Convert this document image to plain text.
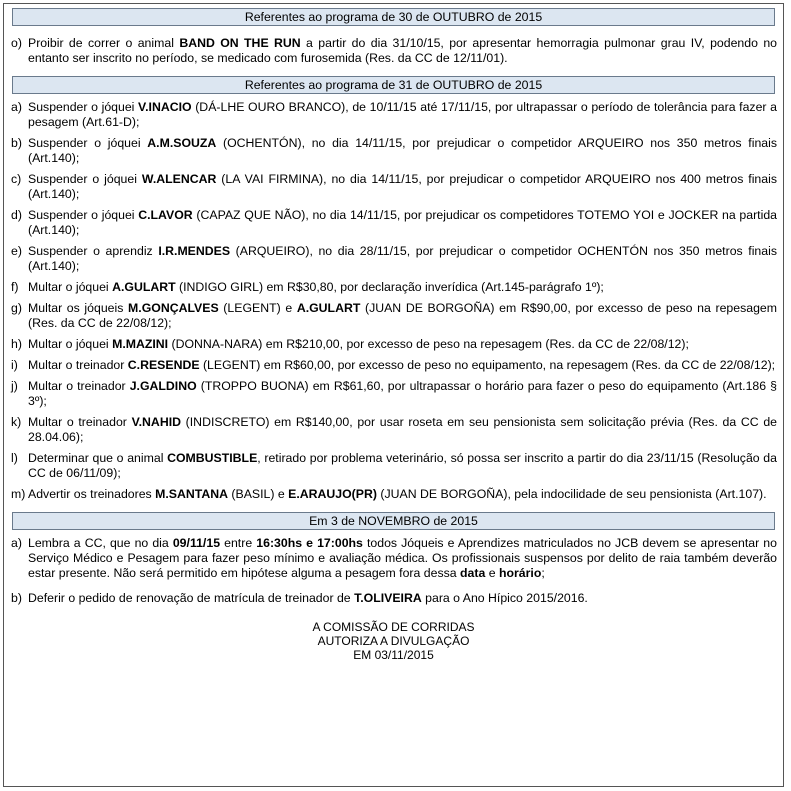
Referentes ao programa de 30 de OUTUBRO de 2015
o) Proibir de correr o animal BAND ON THE RUN a partir do dia 31/10/15, por apresentar hemorragia pulmonar grau IV, podendo no entanto ser inscrito no período, se medicado com furosemida (Res. da CC de 12/11/01).
Referentes ao programa de 31 de OUTUBRO de 2015
a) Suspender o jóquei V.INACIO (DÁ-LHE OURO BRANCO), de 10/11/15 até 17/11/15, por ultrapassar o período de tolerância para fazer a pesagem (Art.61-D);
b) Suspender o jóquei A.M.SOUZA (OCHENTÓN), no dia 14/11/15, por prejudicar o competidor ARQUEIRO nos 350 metros finais (Art.140);
c) Suspender o jóquei W.ALENCAR (LA VAI FIRMINA), no dia 14/11/15, por prejudicar o competidor ARQUEIRO nos 400 metros finais (Art.140);
d) Suspender o jóquei C.LAVOR (CAPAZ QUE NÃO), no dia 14/11/15, por prejudicar os competidores TOTEMO YOI e JOCKER na partida (Art.140);
e) Suspender o aprendiz I.R.MENDES (ARQUEIRO), no dia 28/11/15, por prejudicar o competidor OCHENTÓN nos 350 metros finais (Art.140);
f) Multar o jóquei A.GULART (INDIGO GIRL) em R$30,80, por declaração inverídica (Art.145-parágrafo 1º);
g) Multar os jóqueis M.GONÇALVES (LEGENT) e A.GULART (JUAN DE BORGOÑA) em R$90,00, por excesso de peso na repesagem (Res. da CC de 22/08/12);
h) Multar o jóquei M.MAZINI (DONNA-NARA) em R$210,00, por excesso de peso na repesagem (Res. da CC de 22/08/12);
i) Multar o treinador C.RESENDE (LEGENT) em R$60,00, por excesso de peso no equipamento, na repesagem (Res. da CC de 22/08/12);
j) Multar o treinador J.GALDINO (TROPPO BUONA) em R$61,60, por ultrapassar o horário para fazer o peso do equipamento (Art.186 § 3º);
k) Multar o treinador V.NAHID (INDISCRETO) em R$140,00, por usar roseta em seu pensionista sem solicitação prévia (Res. da CC de 28.04.06);
l) Determinar que o animal COMBUSTIBLE, retirado por problema veterinário, só possa ser inscrito a partir do dia 23/11/15 (Resolução da CC de 06/11/09);
m) Advertir os treinadores M.SANTANA (BASIL) e E.ARAUJO(PR) (JUAN DE BORGOÑA), pela indocilidade de seu pensionista (Art.107).
Em 3 de NOVEMBRO de 2015
a) Lembra a CC, que no dia 09/11/15 entre 16:30hs e 17:00hs todos Jóqueis e Aprendizes matriculados no JCB devem se apresentar no Serviço Médico e Pesagem para fazer peso mínimo e avaliação médica. Os profissionais suspensos por delito de raia também deverão estar presente. Não será permitido em hipótese alguma a pesagem fora dessa data e horário;
b) Deferir o pedido de renovação de matrícula de treinador de T.OLIVEIRA para o Ano Hípico 2015/2016.
A COMISSÃO DE CORRIDAS
AUTORIZA A DIVULGAÇÃO
EM 03/11/2015
